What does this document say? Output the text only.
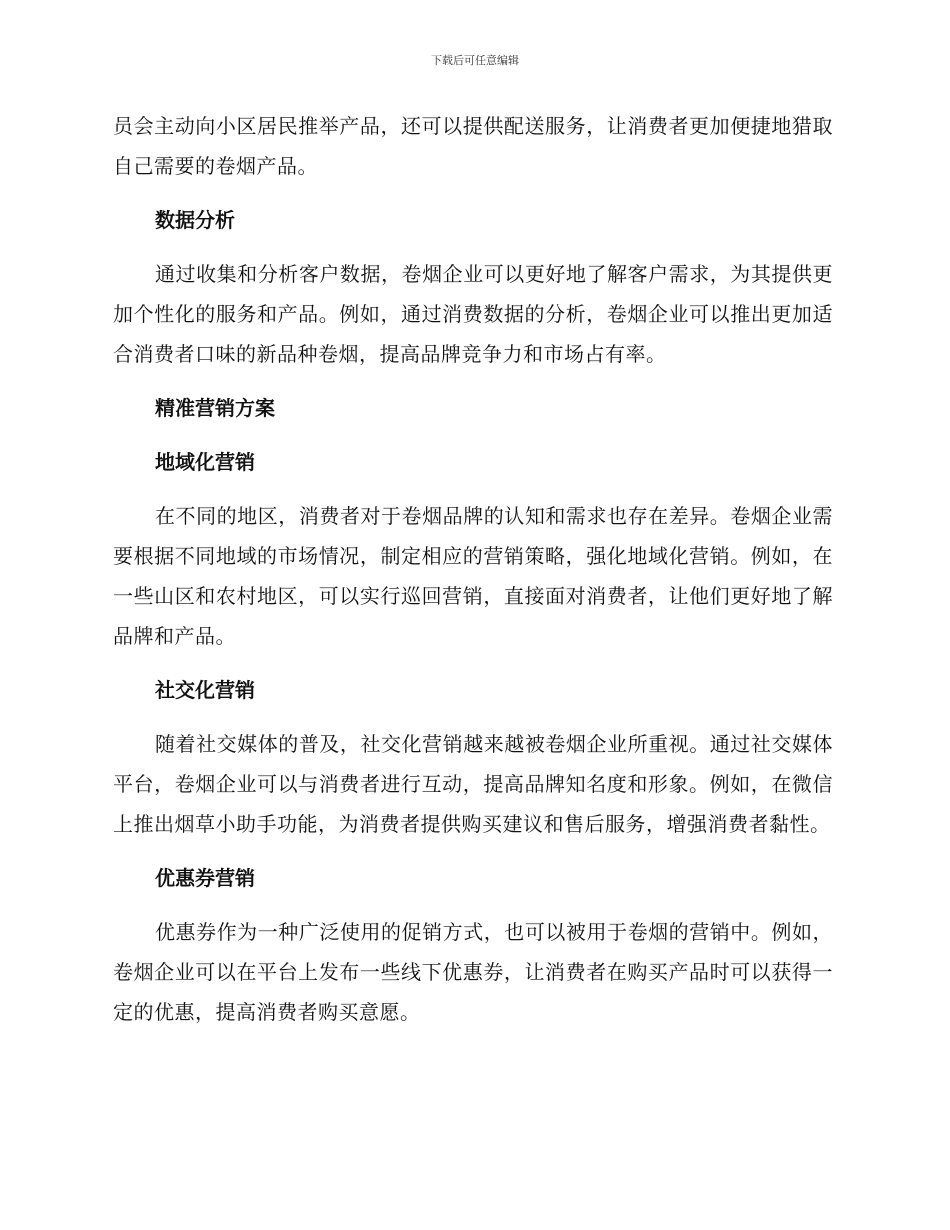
下载后可任意编辑

员会主动向小区居民推举产品，还可以提供配送服务，让消费者更加便捷地猎取自己需要的卷烟产品。

数据分析

通过收集和分析客户数据，卷烟企业可以更好地了解客户需求，为其提供更加个性化的服务和产品。例如，通过消费数据的分析，卷烟企业可以推出更加适合消费者口味的新品种卷烟，提高品牌竞争力和市场占有率。

精准营销方案
地域化营销

在不同的地区，消费者对于卷烟品牌的认知和需求也存在差异。卷烟企业需要根据不同地域的市场情况，制定相应的营销策略，强化地域化营销。例如，在一些山区和农村地区，可以实行巡回营销，直接面对消费者，让他们更好地了解品牌和产品。

社交化营销

随着社交媒体的普及，社交化营销越来越被卷烟企业所重视。通过社交媒体平台，卷烟企业可以与消费者进行互动，提高品牌知名度和形象。例如，在微信上推出烟草小助手功能，为消费者提供购买建议和售后服务，增强消费者黏性。

优惠券营销

优惠券作为一种广泛使用的促销方式，也可以被用于卷烟的营销中。例如，卷烟企业可以在平台上发布一些线下优惠券，让消费者在购买产品时可以获得一定的优惠，提高消费者购买意愿。
